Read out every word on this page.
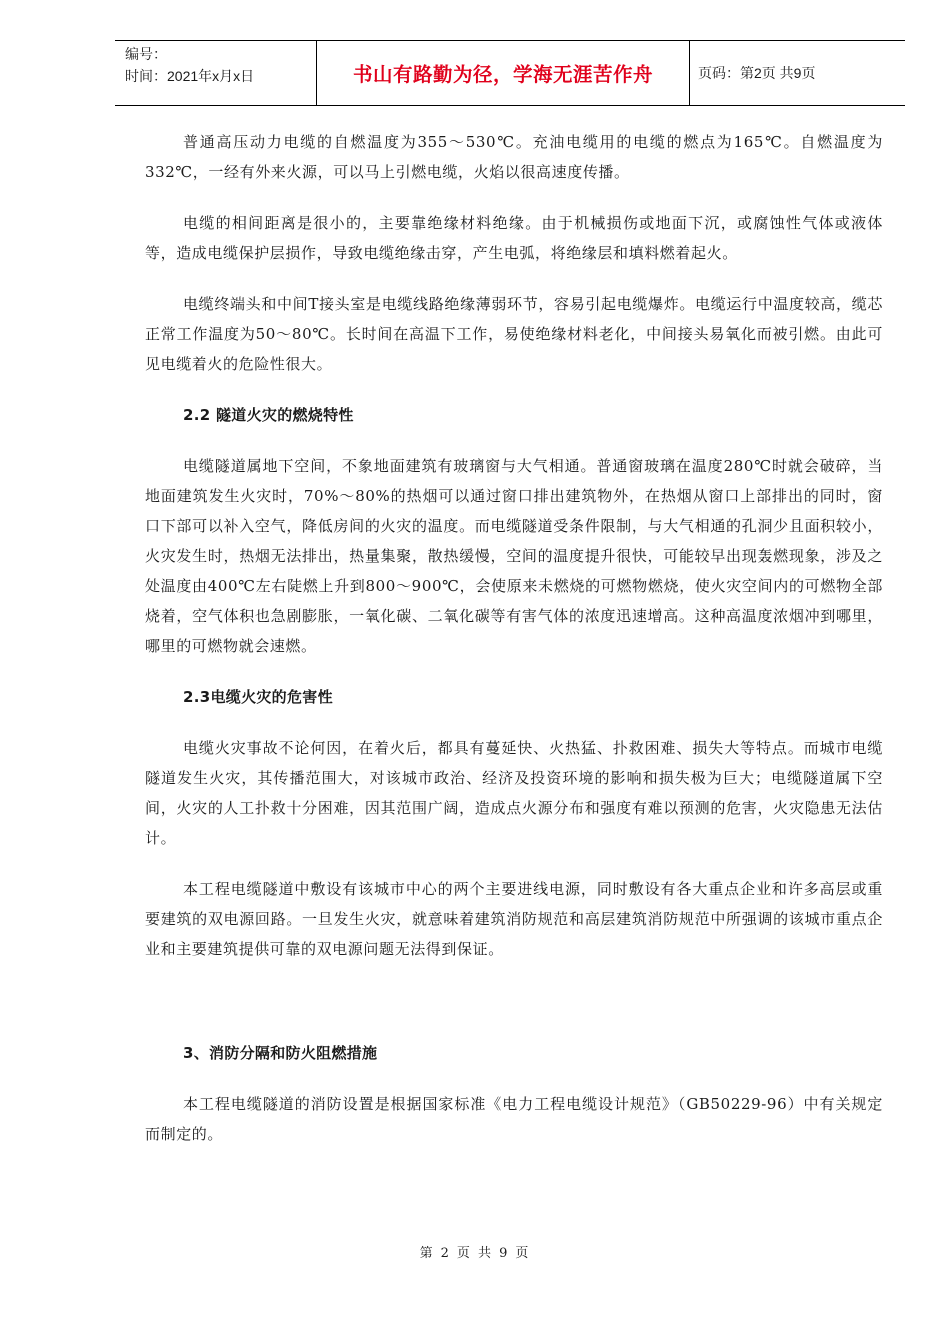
编号：
时间：2021年x月x日	书山有路勤为径，学海无涯苦作舟	页码：第2页 共9页

普通高压动力电缆的自燃温度为355～530℃。充油电缆用的电缆的燃点为165℃。自燃温度为332℃，一经有外来火源，可以马上引燃电缆，火焰以很高速度传播。

电缆的相间距离是很小的，主要靠绝缘材料绝缘。由于机械损伤或地面下沉，或腐蚀性气体或液体等，造成电缆保护层损作，导致电缆绝缘击穿，产生电弧，将绝缘层和填料燃着起火。

电缆终端头和中间T接头室是电缆线路绝缘薄弱环节，容易引起电缆爆炸。电缆运行中温度较高，缆芯正常工作温度为50～80℃。长时间在高温下工作，易使绝缘材料老化，中间接头易氧化而被引燃。由此可见电缆着火的危险性很大。

2.2 隧道火灾的燃烧特性

电缆隧道属地下空间，不象地面建筑有玻璃窗与大气相通。普通窗玻璃在温度280℃时就会破碎，当地面建筑发生火灾时，70%～80%的热烟可以通过窗口排出建筑物外，在热烟从窗口上部排出的同时，窗口下部可以补入空气，降低房间的火灾的温度。而电缆隧道受条件限制，与大气相通的孔洞少且面积较小，火灾发生时，热烟无法排出，热量集聚，散热缓慢，空间的温度提升很快，可能较早出现轰燃现象，涉及之处温度由400℃左右陡燃上升到800～900℃，会使原来未燃烧的可燃物燃烧，使火灾空间内的可燃物全部烧着，空气体积也急剧膨胀，一氧化碳、二氧化碳等有害气体的浓度迅速增高。这种高温度浓烟冲到哪里，哪里的可燃物就会速燃。

2.3电缆火灾的危害性

电缆火灾事故不论何因，在着火后，都具有蔓延快、火热猛、扑救困难、损失大等特点。而城市电缆隧道发生火灾，其传播范围大，对该城市政治、经济及投资环境的影响和损失极为巨大；电缆隧道属下空间，火灾的人工扑救十分困难，因其范围广阔，造成点火源分布和强度有难以预测的危害，火灾隐患无法估计。

本工程电缆隧道中敷设有该城市中心的两个主要进线电源，同时敷设有各大重点企业和许多高层或重要建筑的双电源回路。一旦发生火灾，就意味着建筑消防规范和高层建筑消防规范中所强调的该城市重点企业和主要建筑提供可靠的双电源问题无法得到保证。

3、消防分隔和防火阻燃措施

本工程电缆隧道的消防设置是根据国家标准《电力工程电缆设计规范》（GB50229-96）中有关规定而制定的。

第 2 页 共 9 页
